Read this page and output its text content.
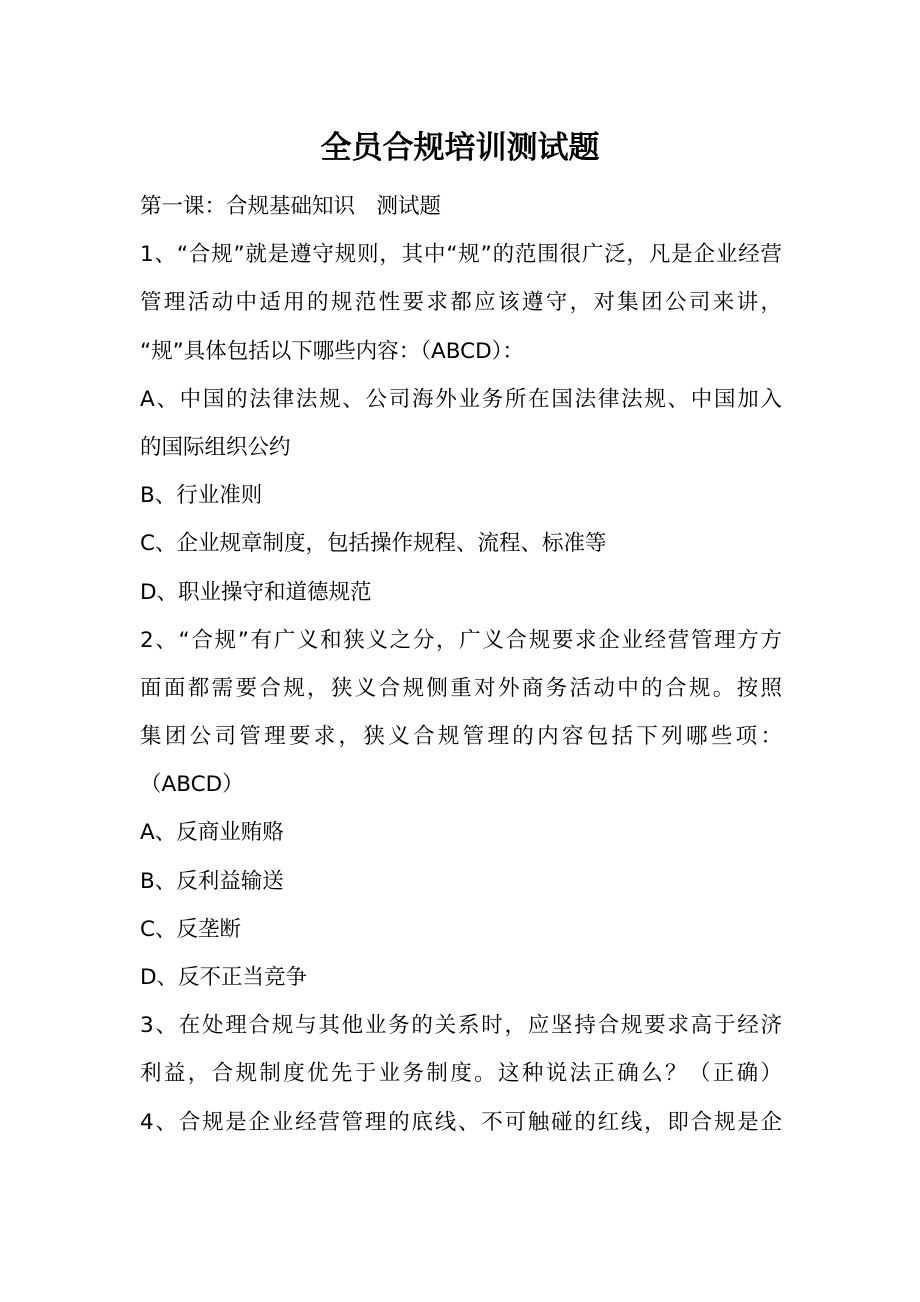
全员合规培训测试题
第一课：合规基础知识　测试题
1、“合规”就是遵守规则，其中“规”的范围很广泛，凡是企业经营
管理活动中适用的规范性要求都应该遵守，对集团公司来讲，
“规”具体包括以下哪些内容：（ABCD）：
A、中国的法律法规、公司海外业务所在国法律法规、中国加入
的国际组织公约
B、行业准则
C、企业规章制度，包括操作规程、流程、标准等
D、职业操守和道德规范
2、“合规”有广义和狭义之分，广义合规要求企业经营管理方方
面面都需要合规，狭义合规侧重对外商务活动中的合规。按照
集团公司管理要求，狭义合规管理的内容包括下列哪些项：
（ABCD）
A、反商业贿赂
B、反利益输送
C、反垄断
D、反不正当竞争
3、在处理合规与其他业务的关系时，应坚持合规要求高于经济
利益，合规制度优先于业务制度。这种说法正确么？（正确）
4、合规是企业经营管理的底线、不可触碰的红线，即合规是企
